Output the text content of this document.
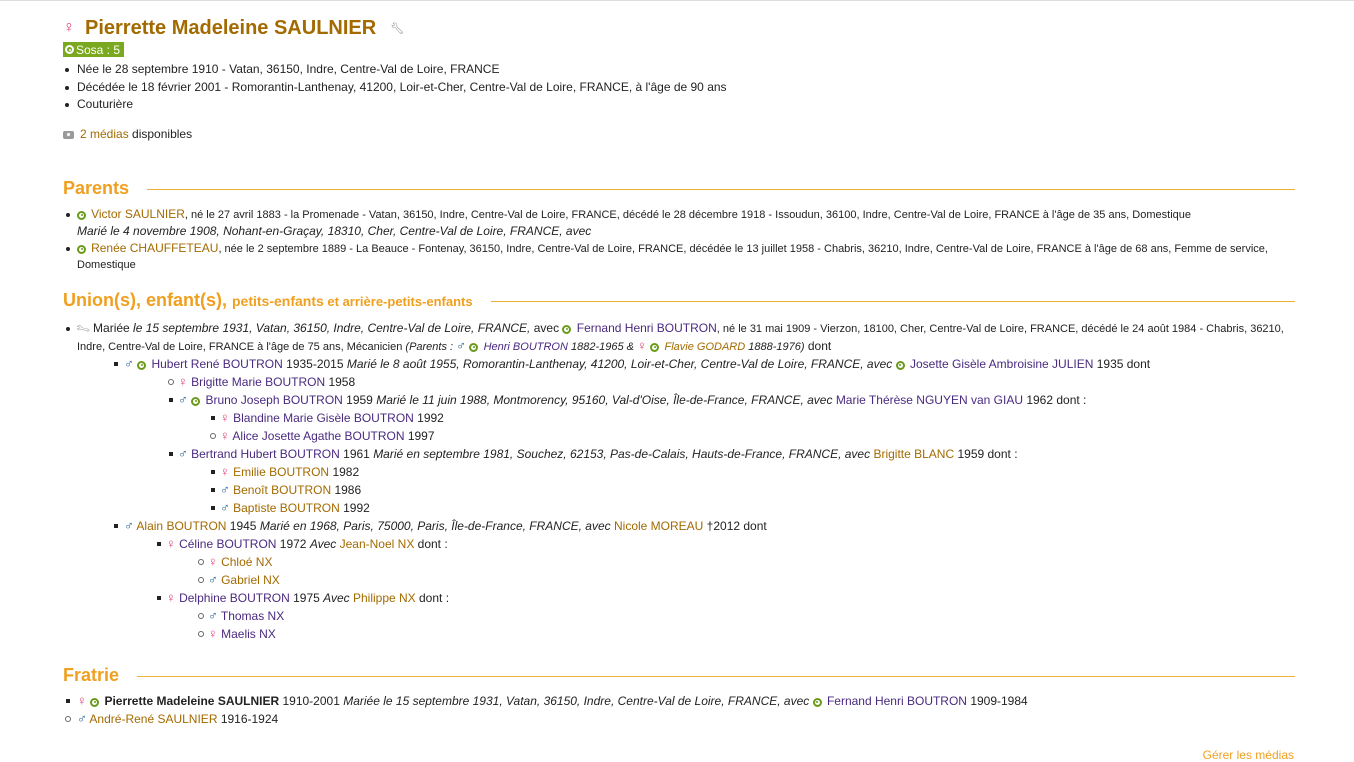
♀ Pierrette Madeleine SAULNIER 🔧︎
Sosa : 5
Née le 28 septembre 1910 - Vatan, 36150, Indre, Centre-Val de Loire, FRANCE
Décédée le 18 février 2001 - Romorantin-Lanthenay, 41200, Loir-et-Cher, Centre-Val de Loire, FRANCE, à l'âge de 90 ans
Couturière
2 médias disponibles
Parents
Victor SAULNIER, né le 27 avril 1883 - la Promenade - Vatan, 36150, Indre, Centre-Val de Loire, FRANCE, décédé le 28 décembre 1918 - Issoudun, 36100, Indre, Centre-Val de Loire, FRANCE à l'âge de 35 ans, Domestique
Marié le 4 novembre 1908, Nohant-en-Graçay, 18310, Cher, Centre-Val de Loire, FRANCE, avec
Renée CHAUFFETEAU, née le 2 septembre 1889 - La Beauce - Fontenay, 36150, Indre, Centre-Val de Loire, FRANCE, décédée le 13 juillet 1958 - Chabris, 36210, Indre, Centre-Val de Loire, FRANCE à l'âge de 68 ans, Femme de service,
Domestique
Union(s), enfant(s), petits-enfants et arrière-petits-enfants
🔧︎ Mariée le 15 septembre 1931, Vatan, 36150, Indre, Centre-Val de Loire, FRANCE, avec  Fernand Henri BOUTRON, né le 31 mai 1909 - Vierzon, 18100, Cher, Centre-Val de Loire, FRANCE, décédé le 24 août 1984 - Chabris, 36210,
Indre, Centre-Val de Loire, FRANCE à l'âge de 75 ans, Mécanicien (Parents : ♂ Henri BOUTRON 1882-1965 & ♀ Flavie GODARD 1888-1976) dont
♂ Hubert René BOUTRON 1935-2015 Marié le 8 août 1955, Romorantin-Lanthenay, 41200, Loir-et-Cher, Centre-Val de Loire, FRANCE, avec  Josette Gisèle Ambroisine JULIEN 1935 dont
♀ Brigitte Marie BOUTRON 1958
♂ Bruno Joseph BOUTRON 1959 Marié le 11 juin 1988, Montmorency, 95160, Val-d'Oise, Île-de-France, FRANCE, avec Marie Thérèse NGUYEN van GIAU 1962 dont :
♀ Blandine Marie Gisèle BOUTRON 1992
♀ Alice Josette Agathe BOUTRON 1997
♂ Bertrand Hubert BOUTRON 1961 Marié en septembre 1981, Souchez, 62153, Pas-de-Calais, Hauts-de-France, FRANCE, avec Brigitte BLANC 1959 dont :
♀ Emilie BOUTRON 1982
♂ Benoît BOUTRON 1986
♂ Baptiste BOUTRON 1992
♂ Alain BOUTRON 1945 Marié en 1968, Paris, 75000, Paris, Île-de-France, FRANCE, avec Nicole MOREAU †2012 dont
♀ Céline BOUTRON 1972 Avec Jean-Noel NX dont :
♀ Chloé NX
♂ Gabriel NX
♀ Delphine BOUTRON 1975 Avec Philippe NX dont :
♂ Thomas NX
♀ Maelis NX
Fratrie
♀ Pierrette Madeleine SAULNIER 1910-2001 Mariée le 15 septembre 1931, Vatan, 36150, Indre, Centre-Val de Loire, FRANCE, avec  Fernand Henri BOUTRON 1909-1984
♂ André-René SAULNIER 1916-1924
Gérer les médias
